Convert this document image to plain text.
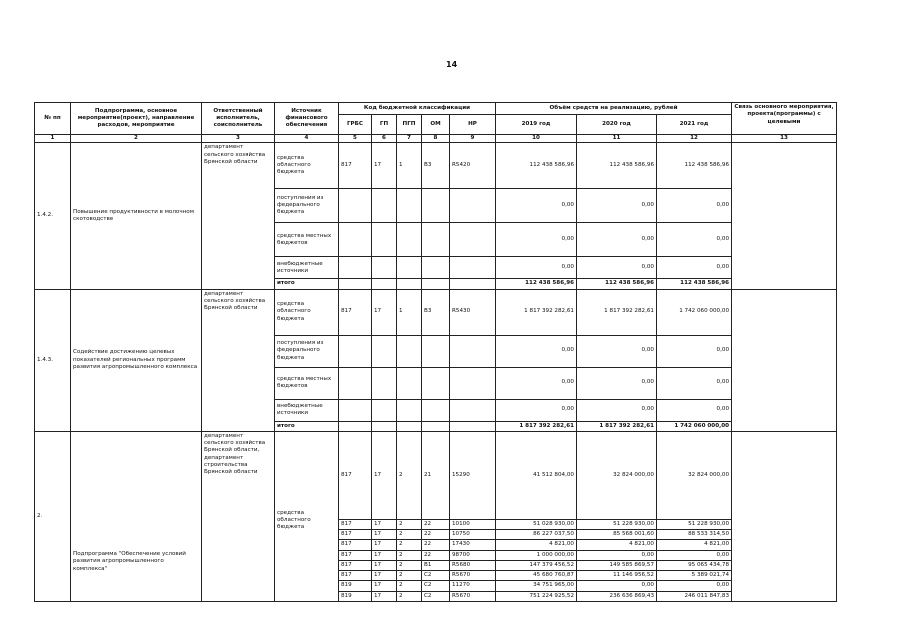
14
№ пп	Подпрограмма, основное мероприятие(проект), направление расходов, мероприятие	Ответственный исполнитель, соисполнитель	Источник финансового обеспечения	Код бюджетной классификации					Объём средств на реализацию, рублей			Связь основного мероприятия, проекта(программы) с целевыми
				ГРБС	ГП	ПГП	ОМ	НР	2019 год	2020 год	2021 год	
1	2	3	4	5	6	7	8	9	10	11	12	13
1.4.2.	Повышение продуктивности в молочном скотоводстве	департамент сельского хозяйства Брянской области	средства областного бюджета	817	17	1	В3	R5420	112 438 586,96	112 438 586,96	112 438 586,96	
			поступления из федерального бюджета						0,00	0,00	0,00	
			средства местных бюджетов						0,00	0,00	0,00	
			внебюджетные источники						0,00	0,00	0,00	
			итого						112 438 586,96	112 438 586,96	112 438 586,96	
1.4.3.	Содействие достижению целевых показателей региональных программ развития агропромышленного комплекса	департамент сельского хозяйства Брянской области	средства областного бюджета	817	17	1	В3	R5430	1 817 392 282,61	1 817 392 282,61	1 742 060 000,00	
			поступления из федерального бюджета						0,00	0,00	0,00	
			средства местных бюджетов						0,00	0,00	0,00	
			внебюджетные источники						0,00	0,00	0,00	
			итого						1 817 392 282,61	1 817 392 282,61	1 742 060 000,00	
2.	Подпрограмма "Обеспечение условий развития агропромышленного комплекса"	департамент сельского хозяйства Брянской области, департамент строительства Брянской области	средства областного бюджета	817	17	2	21	15290	41 512 804,00	32 824 000,00	32 824 000,00	
				817	17	2	22	10100	51 028 930,00	51 228 930,00	51 228 930,00	
				817	17	2	22	10750	86 227 037,50	85 568 001,60	88 533 314,50	
				817	17	2	22	17430	4 821,00	4 821,00	4 821,00	
				817	17	2	22	98700	1 000 000,00	0,00	0,00	
				817	17	2	В1	R5680	147 379 456,52	149 585 869,57	95 065 434,78	
				817	17	2	С2	R5670	45 680 760,87	11 146 956,52	5 389 021,74	
				819	17	2	С2	11270	34 751 965,00	0,00	0,00	
				819	17	2	С2	R5670	751 224 925,52	236 636 869,43	246 011 847,83	
